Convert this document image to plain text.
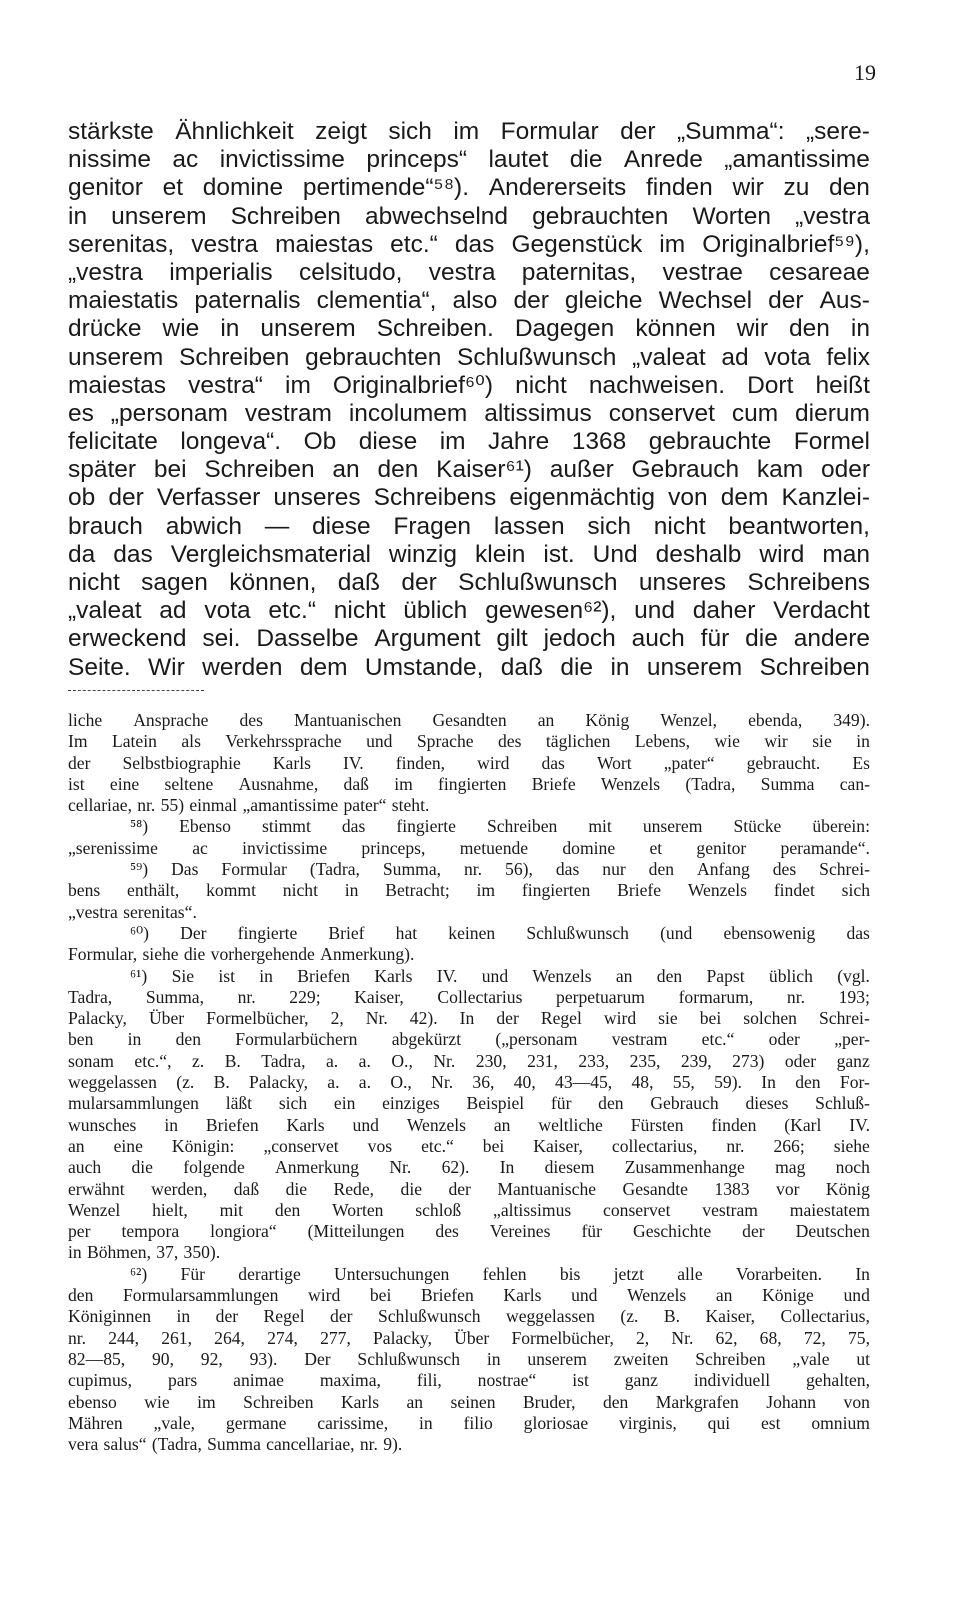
19
stärkste Ähnlichkeit zeigt sich im Formular der „Summa“: „sere-
nissime ac invictissime princeps“ lautet die Anrede „amantissime
genitor et domine pertimende“⁵⁸). Andererseits finden wir zu den
in unserem Schreiben abwechselnd gebrauchten Worten „vestra
serenitas, vestra maiestas etc.“ das Gegenstück im Originalbrief⁵⁹),
„vestra imperialis celsitudo, vestra paternitas, vestrae cesareae
maiestatis paternalis clementia“, also der gleiche Wechsel der Aus-
drücke wie in unserem Schreiben. Dagegen können wir den in
unserem Schreiben gebrauchten Schlußwunsch „valeat ad vota felix
maiestas vestra“ im Originalbrief⁶⁰) nicht nachweisen. Dort heißt
es „personam vestram incolumem altissimus conservet cum dierum
felicitate longeva“. Ob diese im Jahre 1368 gebrauchte Formel
später bei Schreiben an den Kaiser⁶¹) außer Gebrauch kam oder
ob der Verfasser unseres Schreibens eigenmächtig von dem Kanzlei-
brauch abwich — diese Fragen lassen sich nicht beantworten,
da das Vergleichsmaterial winzig klein ist. Und deshalb wird man
nicht sagen können, daß der Schlußwunsch unseres Schreibens
„valeat ad vota etc.“ nicht üblich gewesen⁶²), und daher Verdacht
erweckend sei. Dasselbe Argument gilt jedoch auch für die andere
Seite. Wir werden dem Umstande, daß die in unserem Schreiben
liche Ansprache des Mantuanischen Gesandten an König Wenzel, ebenda, 349).
Im Latein als Verkehrssprache und Sprache des täglichen Lebens, wie wir sie in
der Selbstbiographie Karls IV. finden, wird das Wort „pater“ gebraucht. Es
ist eine seltene Ausnahme, daß im fingierten Briefe Wenzels (Tadra, Summa can-
cellariae, nr. 55) einmal „amantissime pater“ steht.
⁵⁸) Ebenso stimmt das fingierte Schreiben mit unserem Stücke überein:
„serenissime ac invictissime princeps, metuende domine et genitor peramande“.
⁵⁹) Das Formular (Tadra, Summa, nr. 56), das nur den Anfang des Schrei-
bens enthält, kommt nicht in Betracht; im fingierten Briefe Wenzels findet sich
„vestra serenitas“.
⁶⁰) Der fingierte Brief hat keinen Schlußwunsch (und ebensowenig das
Formular, siehe die vorhergehende Anmerkung).
⁶¹) Sie ist in Briefen Karls IV. und Wenzels an den Papst üblich (vgl.
Tadra, Summa, nr. 229; Kaiser, Collectarius perpetuarum formarum, nr. 193;
Palacky, Über Formelbücher, 2, Nr. 42). In der Regel wird sie bei solchen Schrei-
ben in den Formularbüchern abgekürzt („personam vestram etc.“ oder „per-
sonam etc.“, z. B. Tadra, a. a. O., Nr. 230, 231, 233, 235, 239, 273) oder ganz
weggelassen (z. B. Palacky, a. a. O., Nr. 36, 40, 43—45, 48, 55, 59). In den For-
mularsammlungen läßt sich ein einziges Beispiel für den Gebrauch dieses Schluß-
wunsches in Briefen Karls und Wenzels an weltliche Fürsten finden (Karl IV.
an eine Königin: „conservet vos etc.“ bei Kaiser, collectarius, nr. 266; siehe
auch die folgende Anmerkung Nr. 62). In diesem Zusammenhange mag noch
erwähnt werden, daß die Rede, die der Mantuanische Gesandte 1383 vor König
Wenzel hielt, mit den Worten schloß „altissimus conservet vestram maiestatem
per tempora longiora“ (Mitteilungen des Vereines für Geschichte der Deutschen
in Böhmen, 37, 350).
⁶²) Für derartige Untersuchungen fehlen bis jetzt alle Vorarbeiten. In
den Formularsammlungen wird bei Briefen Karls und Wenzels an Könige und
Königinnen in der Regel der Schlußwunsch weggelassen (z. B. Kaiser, Collectarius,
nr. 244, 261, 264, 274, 277, Palacky, Über Formelbücher, 2, Nr. 62, 68, 72, 75,
82—85, 90, 92, 93). Der Schlußwunsch in unserem zweiten Schreiben „vale ut
cupimus, pars animae maxima, fili, nostrae“ ist ganz individuell gehalten,
ebenso wie im Schreiben Karls an seinen Bruder, den Markgrafen Johann von
Mähren „vale, germane carissime, in filio gloriosae virginis, qui est omnium
vera salus“ (Tadra, Summa cancellariae, nr. 9).
